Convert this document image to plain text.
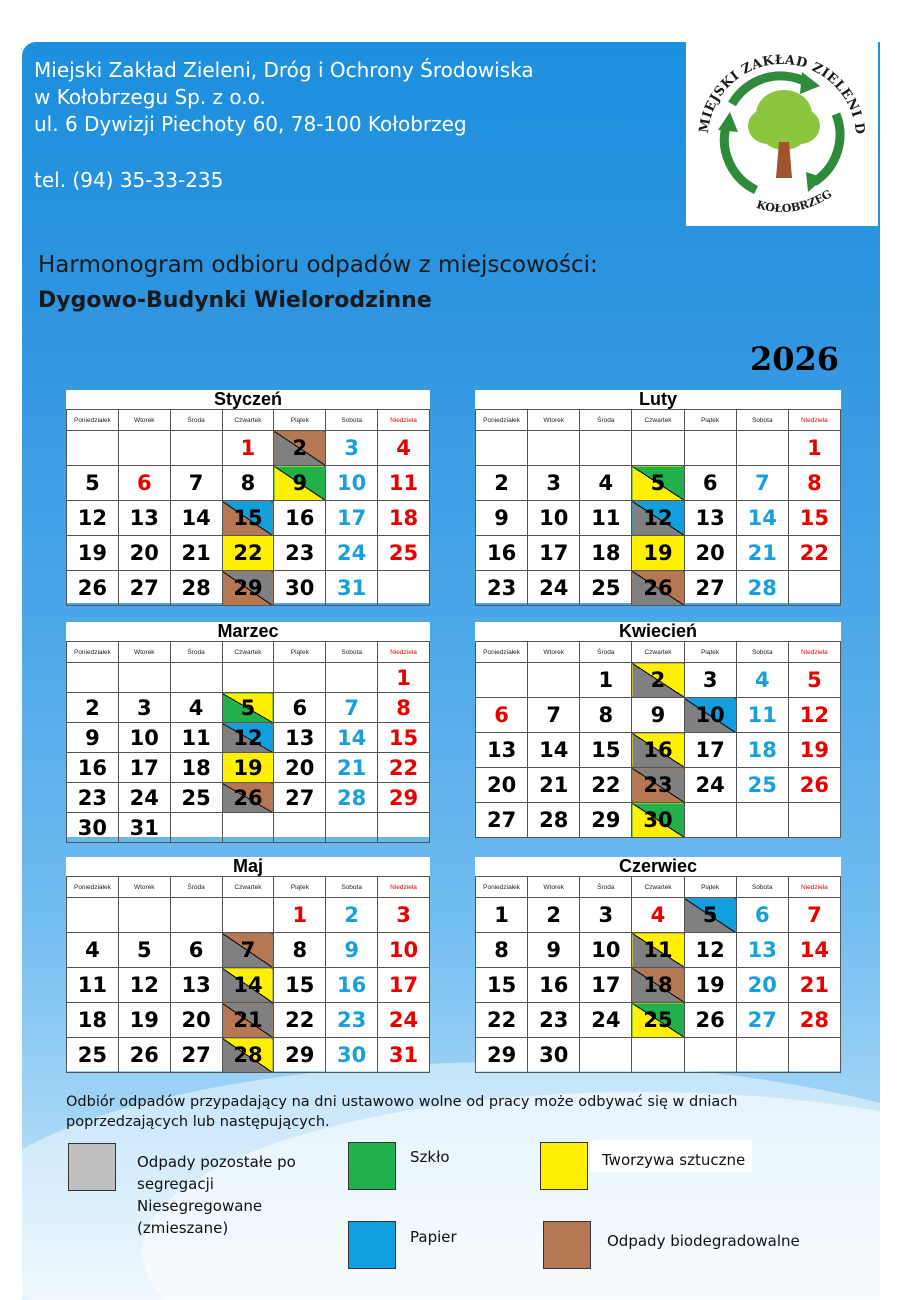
Miejski Zakład Zieleni, Dróg i Ochrony Środowiska

w Kołobrzegu Sp. z o.o.

ul. 6 Dywizji Piechoty 60, 78-100 Kołobrzeg

tel. (94) 35-33-235

MIEJSKI ZAKŁAD ZIELENI D
KOŁOBRZEG
Harmonogram odbioru odpadów z miejscowości:
Dygowo-Budynki Wielorodzinne
2026
Styczeń
Poniedziałek	Wtorek	Środa	Czwartek	Piątek	Sobota	Niedziela
			1	2	3	4
5	6	7	8	9	10	11
12	13	14	15	16	17	18
19	20	21	22	23	24	25
26	27	28	29	30	31	
Luty
Poniedziałek	Wtorek	Środa	Czwartek	Piątek	Sobota	Niedziela
						1
2	3	4	5	6	7	8
9	10	11	12	13	14	15
16	17	18	19	20	21	22
23	24	25	26	27	28	
Marzec
Poniedziałek	Wtorek	Środa	Czwartek	Piątek	Sobota	Niedziela
						1
2	3	4	5	6	7	8
9	10	11	12	13	14	15
16	17	18	19	20	21	22
23	24	25	26	27	28	29
30	31					
Kwiecień
Poniedziałek	Wtorek	Środa	Czwartek	Piątek	Sobota	Niedziela
		1	2	3	4	5
6	7	8	9	10	11	12
13	14	15	16	17	18	19
20	21	22	23	24	25	26
27	28	29	30			
Maj
Poniedziałek	Wtorek	Środa	Czwartek	Piątek	Sobota	Niedziela
				1	2	3
4	5	6	7	8	9	10
11	12	13	14	15	16	17
18	19	20	21	22	23	24
25	26	27	28	29	30	31
Czerwiec
Poniedziałek	Wtorek	Środa	Czwartek	Piątek	Sobota	Niedziela
1	2	3	4	5	6	7
8	9	10	11	12	13	14
15	16	17	18	19	20	21
22	23	24	25	26	27	28
29	30					
Odbiór odpadów przypadający na dni ustawowo wolne od pracy może odbywać się w dniach poprzedzających lub następujących.
Odpady pozostałe po
segregacji
Niesegregowane
(zmieszane)
Szkło	Tworzywa sztuczne
Papier	Odpady biodegradowalne
